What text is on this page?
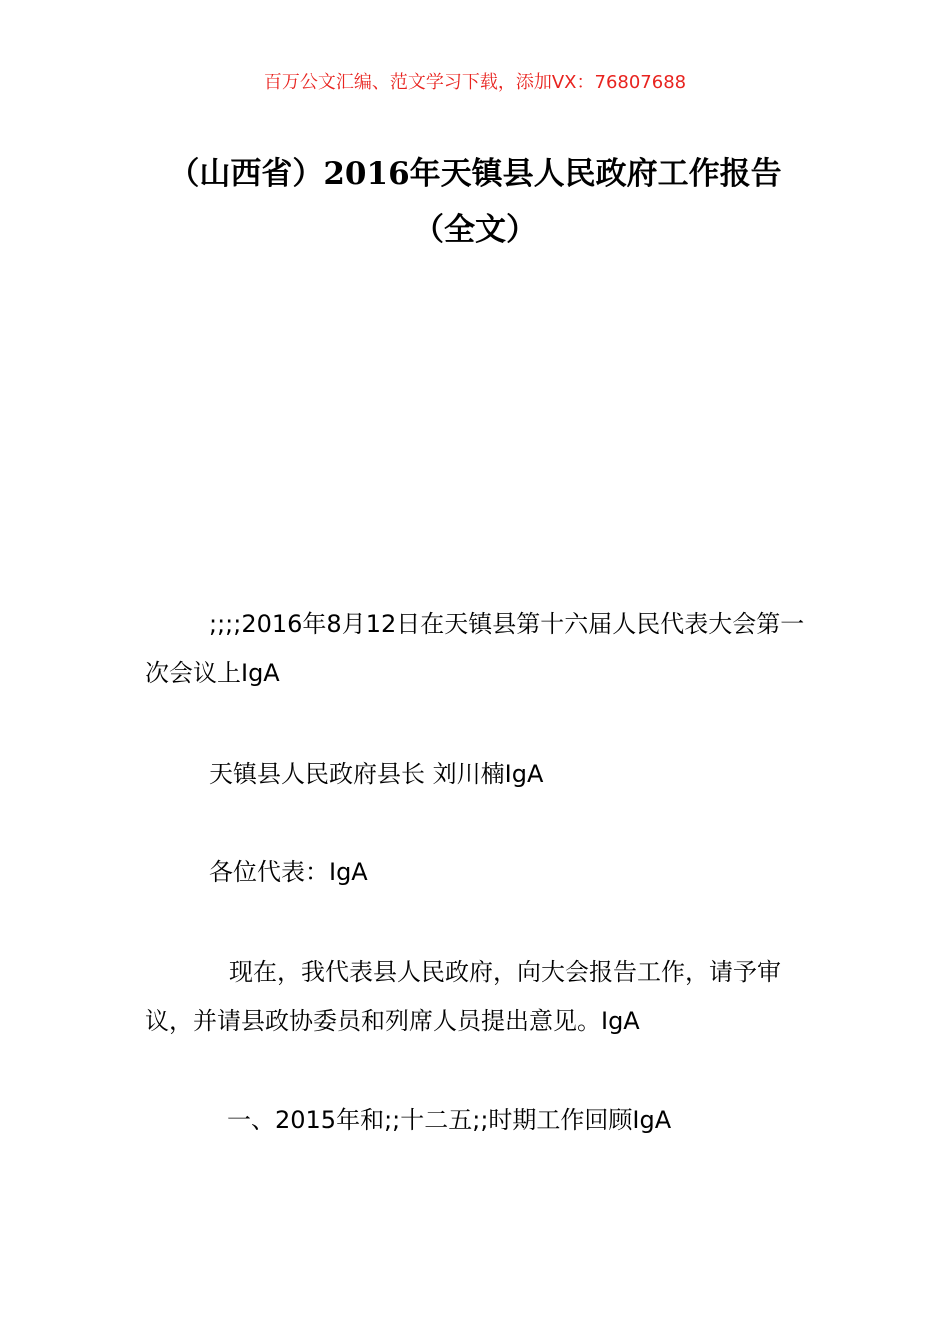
百万公文汇编、范文学习下载，添加VX：76807688
（山西省）2016年天镇县人民政府工作报告（全文）
;;;;2016年8月12日在天镇县第十六届人民代表大会第一次会议上IgA
天镇县人民政府县长 刘川楠IgA
各位代表：IgA
现在，我代表县人民政府，向大会报告工作，请予审议，并请县政协委员和列席人员提出意见。IgA
一、2015年和;;十二五;;时期工作回顾IgA
